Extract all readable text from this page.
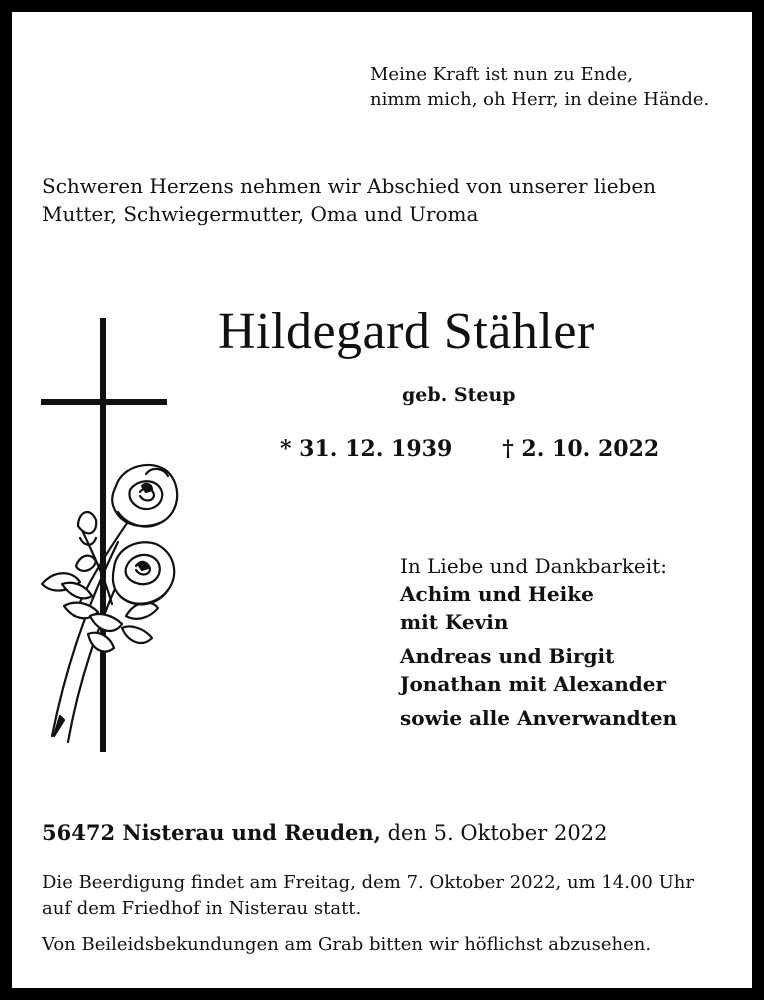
Meine Kraft ist nun zu Ende,
nimm mich, oh Herr, in deine Hände.
Schweren Herzens nehmen wir Abschied von unserer lieben
Mutter, Schwiegermutter, Oma und Uroma
Hildegard Stähler
geb. Steup
* 31. 12. 1939 † 2. 10. 2022
In Liebe und Dankbarkeit:
Achim und Heike
mit Kevin
Andreas und Birgit
Jonathan mit Alexander
sowie alle Anverwandten
56472 Nisterau und Reuden, den 5. Oktober 2022
Die Beerdigung findet am Freitag, dem 7. Oktober 2022, um 14.00 Uhr
auf dem Friedhof in Nisterau statt.
Von Beileidsbekundungen am Grab bitten wir höflichst abzusehen.
